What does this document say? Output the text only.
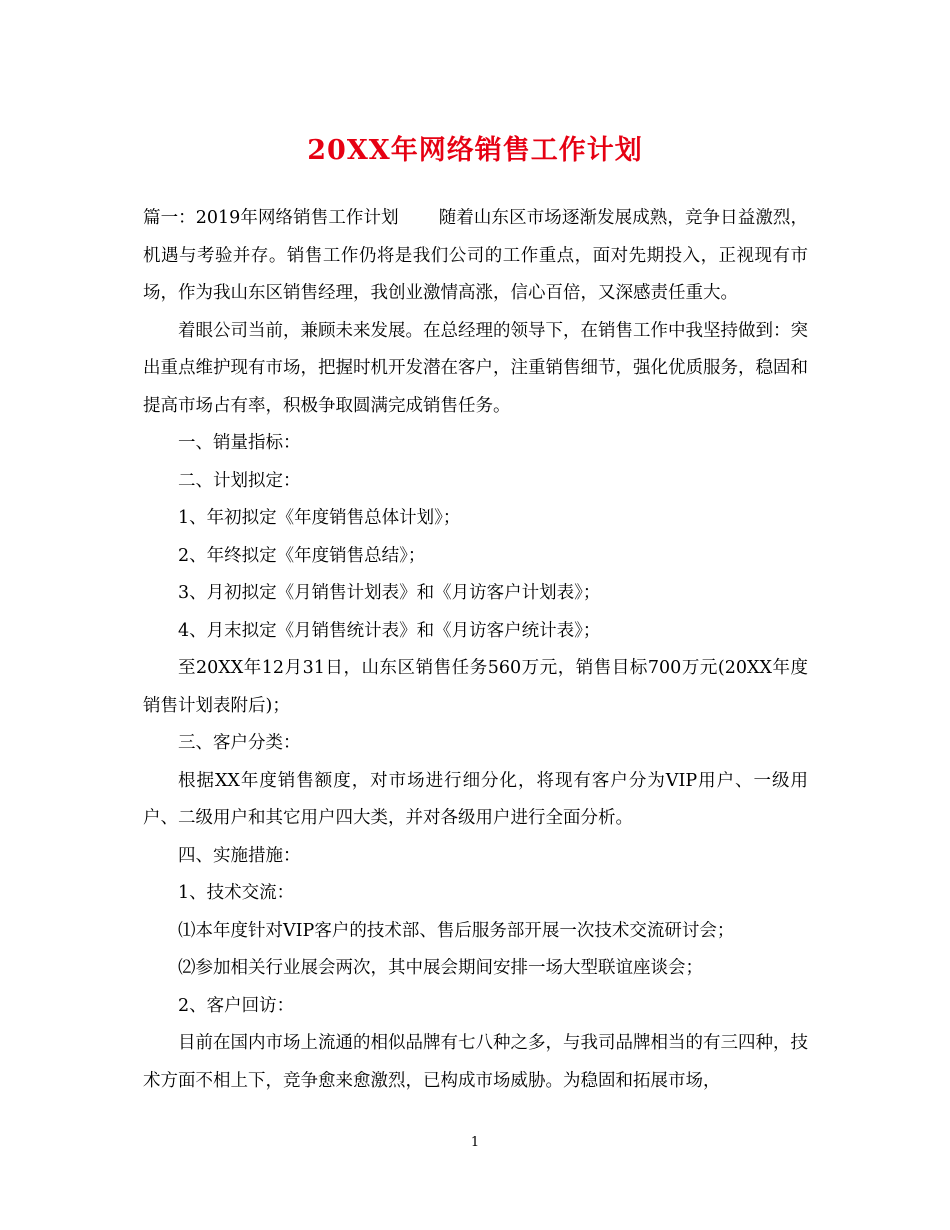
20XX年网络销售工作计划

篇一：2019年网络销售工作计划 随着山东区市场逐渐发展成熟，竞争日益激烈，机遇与考验并存。销售工作仍将是我们公司的工作重点，面对先期投入，正视现有市场，作为我山东区销售经理，我创业激情高涨，信心百倍，又深感责任重大。

着眼公司当前，兼顾未来发展。在总经理的领导下，在销售工作中我坚持做到：突出重点维护现有市场，把握时机开发潜在客户，注重销售细节，强化优质服务，稳固和提高市场占有率，积极争取圆满完成销售任务。

一、销量指标：

二、计划拟定：

1、年初拟定《年度销售总体计划》；

2、年终拟定《年度销售总结》；

3、月初拟定《月销售计划表》和《月访客户计划表》；

4、月末拟定《月销售统计表》和《月访客户统计表》；

至20XX年12月31日，山东区销售任务560万元，销售目标700万元(20XX年度销售计划表附后)；

三、客户分类：

根据XX年度销售额度，对市场进行细分化，将现有客户分为VIP用户、一级用户、二级用户和其它用户四大类，并对各级用户进行全面分析。

四、实施措施：

1、技术交流：

⑴本年度针对VIP客户的技术部、售后服务部开展一次技术交流研讨会；

⑵参加相关行业展会两次，其中展会期间安排一场大型联谊座谈会；

2、客户回访：

目前在国内市场上流通的相似品牌有七八种之多，与我司品牌相当的有三四种，技术方面不相上下，竞争愈来愈激烈，已构成市场威胁。为稳固和拓展市场，

1
